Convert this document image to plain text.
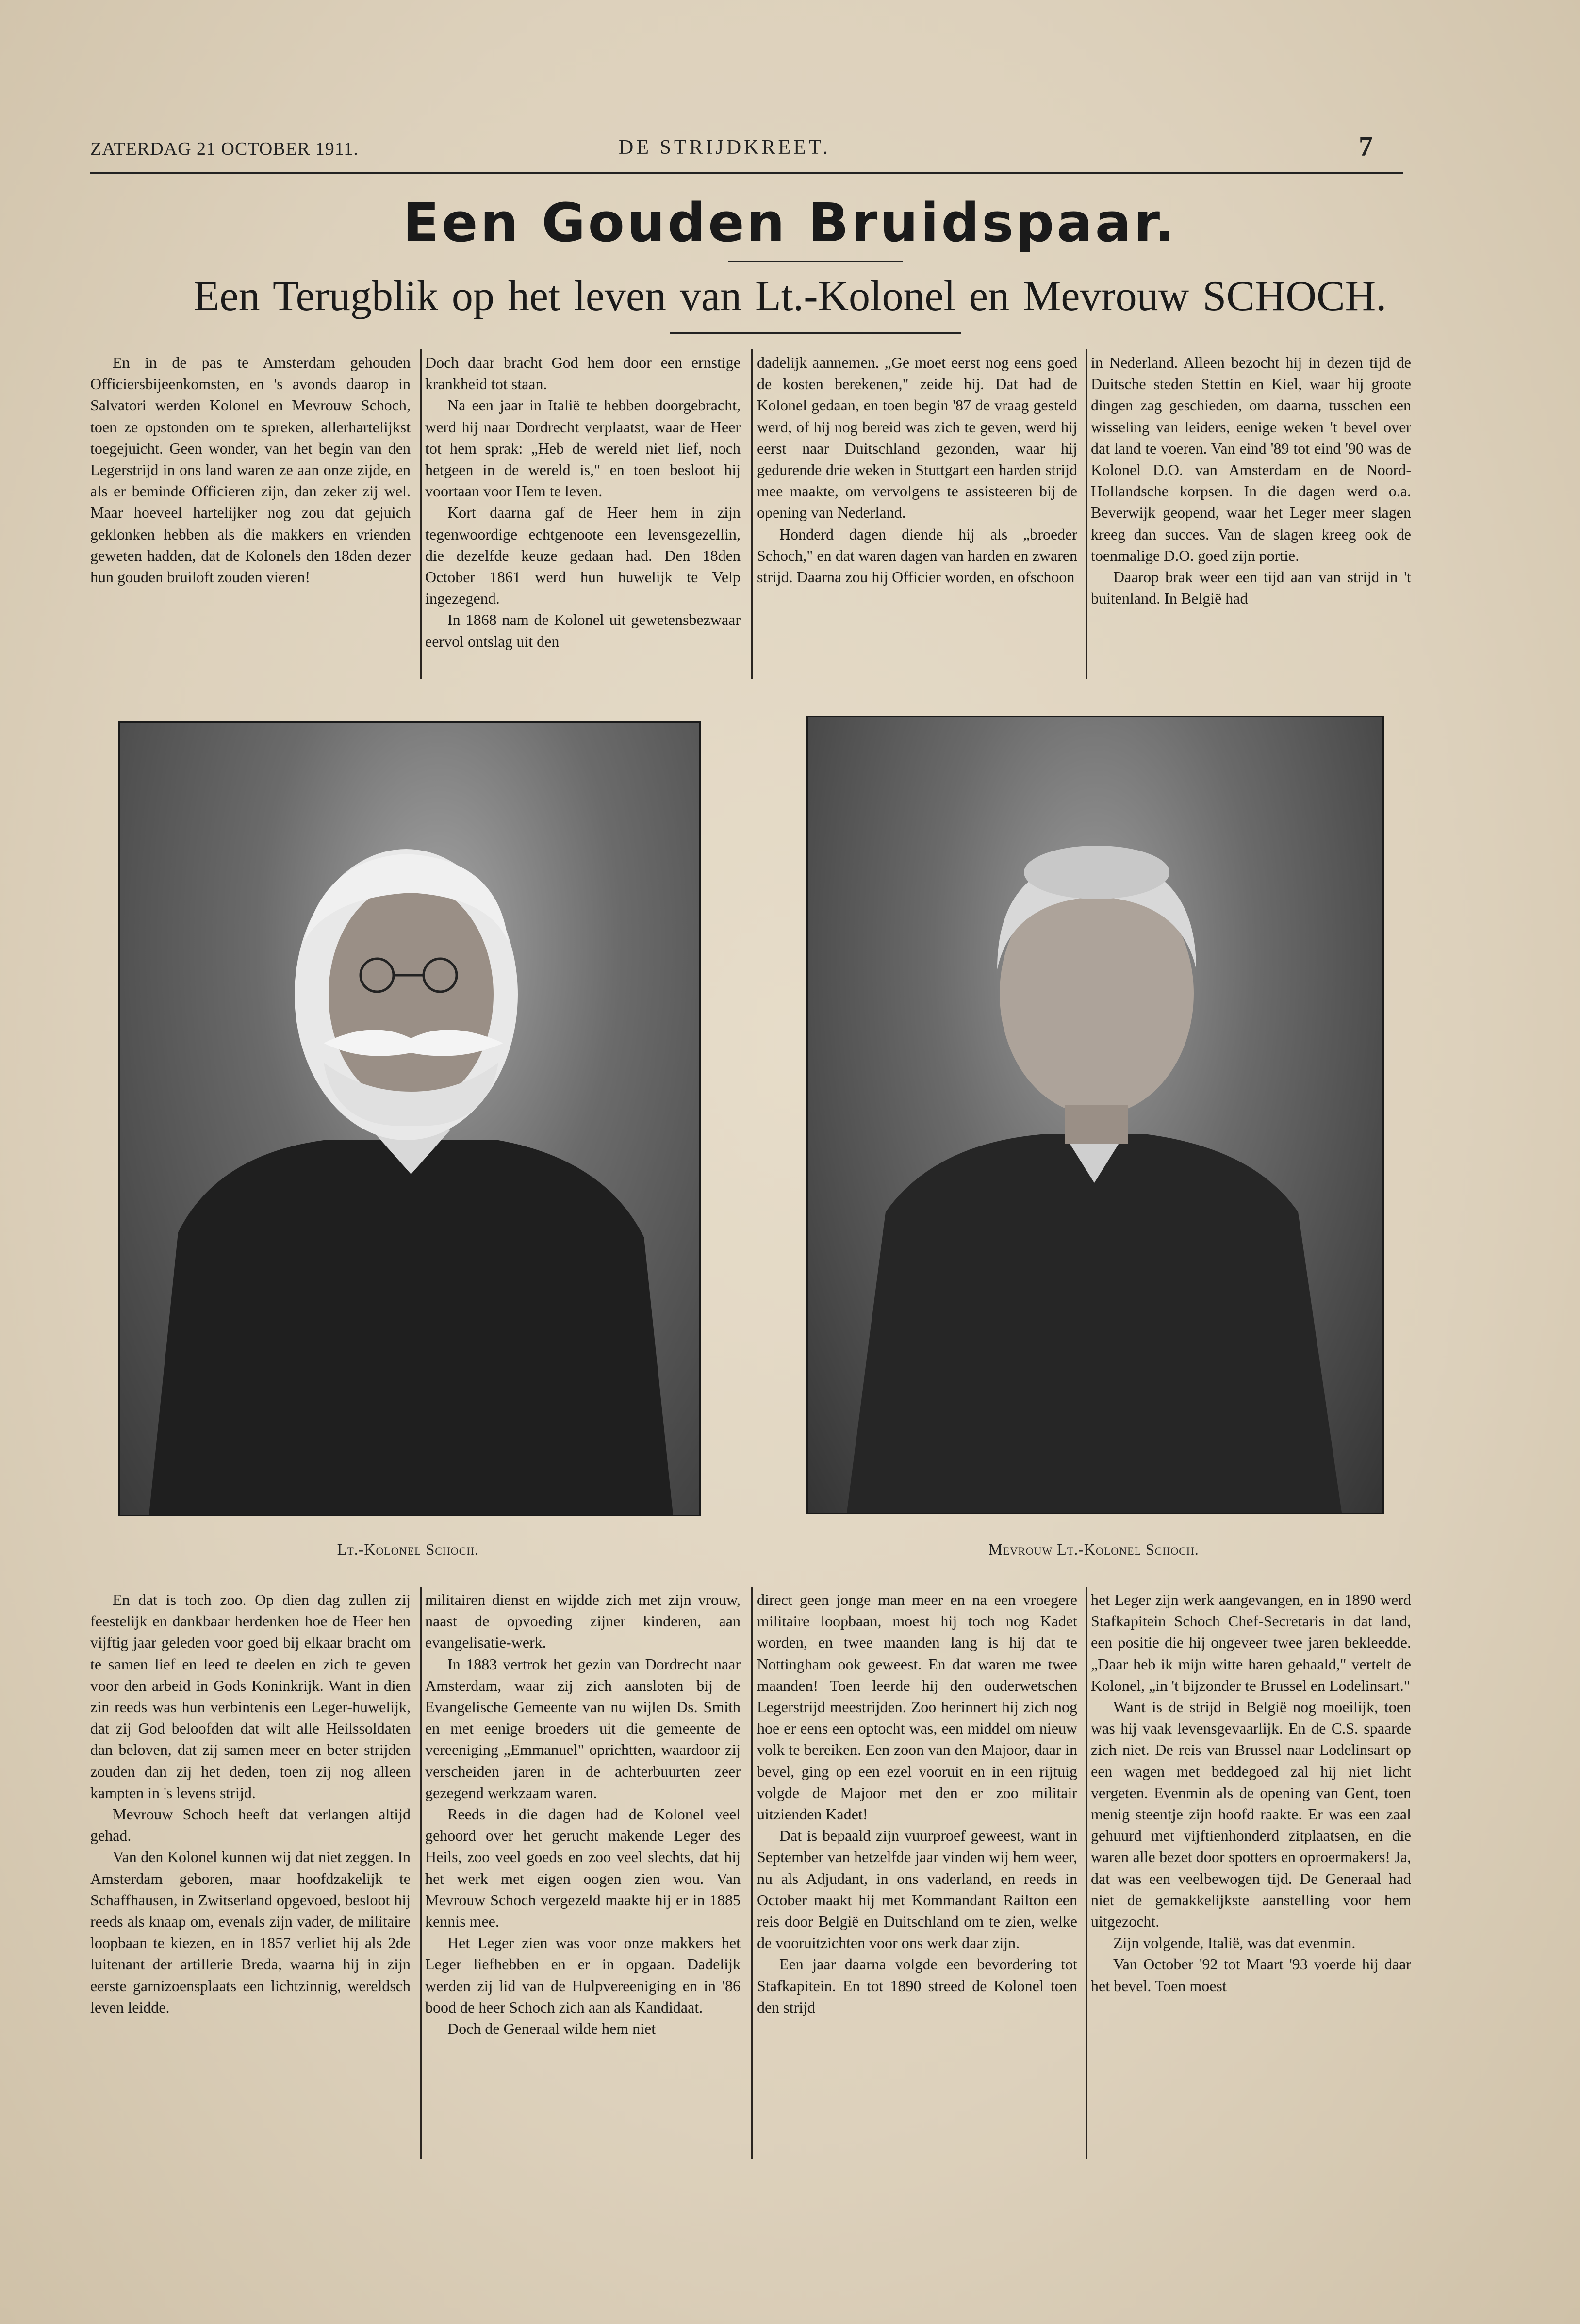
ZATERDAG 21 OCTOBER 1911.	DE STRIJDKREET.	7
Een Gouden Bruidspaar.
Een Terugblik op het leven van Lt.-Kolonel en Mevrouw SCHOCH.

En in de pas te Amsterdam gehouden Officiersbijeenkomsten, en 's avonds daarop in Salvatori werden Kolonel en Mevrouw Schoch, toen ze opstonden om te spreken, allerhartelijkst toegejuicht. Geen wonder, van het begin van den Legerstrijd in ons land waren ze aan onze zijde, en als er beminde Officieren zijn, dan zeker zij wel. Maar hoeveel hartelijker nog zou dat gejuich geklonken hebben als die makkers en vrienden geweten hadden, dat de Kolonels den 18den dezer hun gouden bruiloft zouden vieren!

Doch daar bracht God hem door een ernstige krankheid tot staan.

Na een jaar in Italië te hebben doorgebracht, werd hij naar Dordrecht verplaatst, waar de Heer tot hem sprak: „Heb de wereld niet lief, noch hetgeen in de wereld is," en toen besloot hij voortaan voor Hem te leven.

Kort daarna gaf de Heer hem in zijn tegenwoordige echtgenoote een levensgezellin, die dezelfde keuze gedaan had. Den 18den October 1861 werd hun huwelijk te Velp ingezegend.

In 1868 nam de Kolonel uit gewetensbezwaar eervol ontslag uit den

dadelijk aannemen. „Ge moet eerst nog eens goed de kosten berekenen," zeide hij. Dat had de Kolonel gedaan, en toen begin '87 de vraag gesteld werd, of hij nog bereid was zich te geven, werd hij eerst naar Duitschland gezonden, waar hij gedurende drie weken in Stuttgart een harden strijd mee maakte, om vervolgens te assisteeren bij de opening van Nederland.

Honderd dagen diende hij als „broeder Schoch," en dat waren dagen van harden en zwaren strijd. Daarna zou hij Officier worden, en ofschoon

in Nederland. Alleen bezocht hij in dezen tijd de Duitsche steden Stettin en Kiel, waar hij groote dingen zag geschieden, om daarna, tusschen een wisseling van leiders, eenige weken 't bevel over dat land te voeren. Van eind '89 tot eind '90 was de Kolonel D.O. van Amsterdam en de Noord-Hollandsche korpsen. In die dagen werd o.a. Beverwijk geopend, waar het Leger meer slagen kreeg dan succes. Van de slagen kreeg ook de toenmalige D.O. goed zijn portie.

Daarop brak weer een tijd aan van strijd in 't buitenland. In België had

Lt.-Kolonel Schoch.	Mevrouw Lt.-Kolonel Schoch.

En dat is toch zoo. Op dien dag zullen zij feestelijk en dankbaar herdenken hoe de Heer hen vijftig jaar geleden voor goed bij elkaar bracht om te samen lief en leed te deelen en zich te geven voor den arbeid in Gods Koninkrijk. Want in dien zin reeds was hun verbintenis een Leger-huwelijk, dat zij God beloofden dat wilt alle Heilssoldaten dan beloven, dat zij samen meer en beter strijden zouden dan zij het deden, toen zij nog alleen kampten in 's levens strijd.

Mevrouw Schoch heeft dat verlangen altijd gehad.

Van den Kolonel kunnen wij dat niet zeggen. In Amsterdam geboren, maar hoofdzakelijk te Schaffhausen, in Zwitserland opgevoed, besloot hij reeds als knaap om, evenals zijn vader, de militaire loopbaan te kiezen, en in 1857 verliet hij als 2de luitenant der artillerie Breda, waarna hij in zijn eerste garnizoensplaats een lichtzinnig, wereldsch leven leidde.

militairen dienst en wijdde zich met zijn vrouw, naast de opvoeding zijner kinderen, aan evangelisatie-werk.

In 1883 vertrok het gezin van Dordrecht naar Amsterdam, waar zij zich aansloten bij de Evangelische Gemeente van nu wijlen Ds. Smith en met eenige broeders uit die gemeente de vereeniging „Emmanuel" oprichtten, waardoor zij verscheiden jaren in de achterbuurten zeer gezegend werkzaam waren.

Reeds in die dagen had de Kolonel veel gehoord over het gerucht makende Leger des Heils, zoo veel goeds en zoo veel slechts, dat hij het werk met eigen oogen zien wou. Van Mevrouw Schoch vergezeld maakte hij er in 1885 kennis mee.

Het Leger zien was voor onze makkers het Leger liefhebben en er in opgaan. Dadelijk werden zij lid van de Hulpvereeniging en in '86 bood de heer Schoch zich aan als Kandidaat.

Doch de Generaal wilde hem niet

direct geen jonge man meer en na een vroegere militaire loopbaan, moest hij toch nog Kadet worden, en twee maanden lang is hij dat te Nottingham ook geweest. En dat waren me twee maanden! Toen leerde hij den ouderwetschen Legerstrijd meestrijden. Zoo herinnert hij zich nog hoe er eens een optocht was, een middel om nieuw volk te bereiken. Een zoon van den Majoor, daar in bevel, ging op een ezel vooruit en in een rijtuig volgde de Majoor met den er zoo militair uitzienden Kadet!

Dat is bepaald zijn vuurproef geweest, want in September van hetzelfde jaar vinden wij hem weer, nu als Adjudant, in ons vaderland, en reeds in October maakt hij met Kommandant Railton een reis door België en Duitschland om te zien, welke de vooruitzichten voor ons werk daar zijn.

Een jaar daarna volgde een bevordering tot Stafkapitein. En tot 1890 streed de Kolonel toen den strijd

het Leger zijn werk aangevangen, en in 1890 werd Stafkapitein Schoch Chef-Secretaris in dat land, een positie die hij ongeveer twee jaren bekleedde. „Daar heb ik mijn witte haren gehaald," vertelt de Kolonel, „in 't bijzonder te Brussel en Lodelinsart."

Want is de strijd in België nog moeilijk, toen was hij vaak levensgevaarlijk. En de C.S. spaarde zich niet. De reis van Brussel naar Lodelinsart op een wagen met beddegoed zal hij niet licht vergeten. Evenmin als de opening van Gent, toen menig steentje zijn hoofd raakte. Er was een zaal gehuurd met vijftienhonderd zitplaatsen, en die waren alle bezet door spotters en oproermakers! Ja, dat was een veelbewogen tijd. De Generaal had niet de gemakkelijkste aanstelling voor hem uitgezocht.

Zijn volgende, Italië, was dat evenmin.

Van October '92 tot Maart '93 voerde hij daar het bevel. Toen moest
